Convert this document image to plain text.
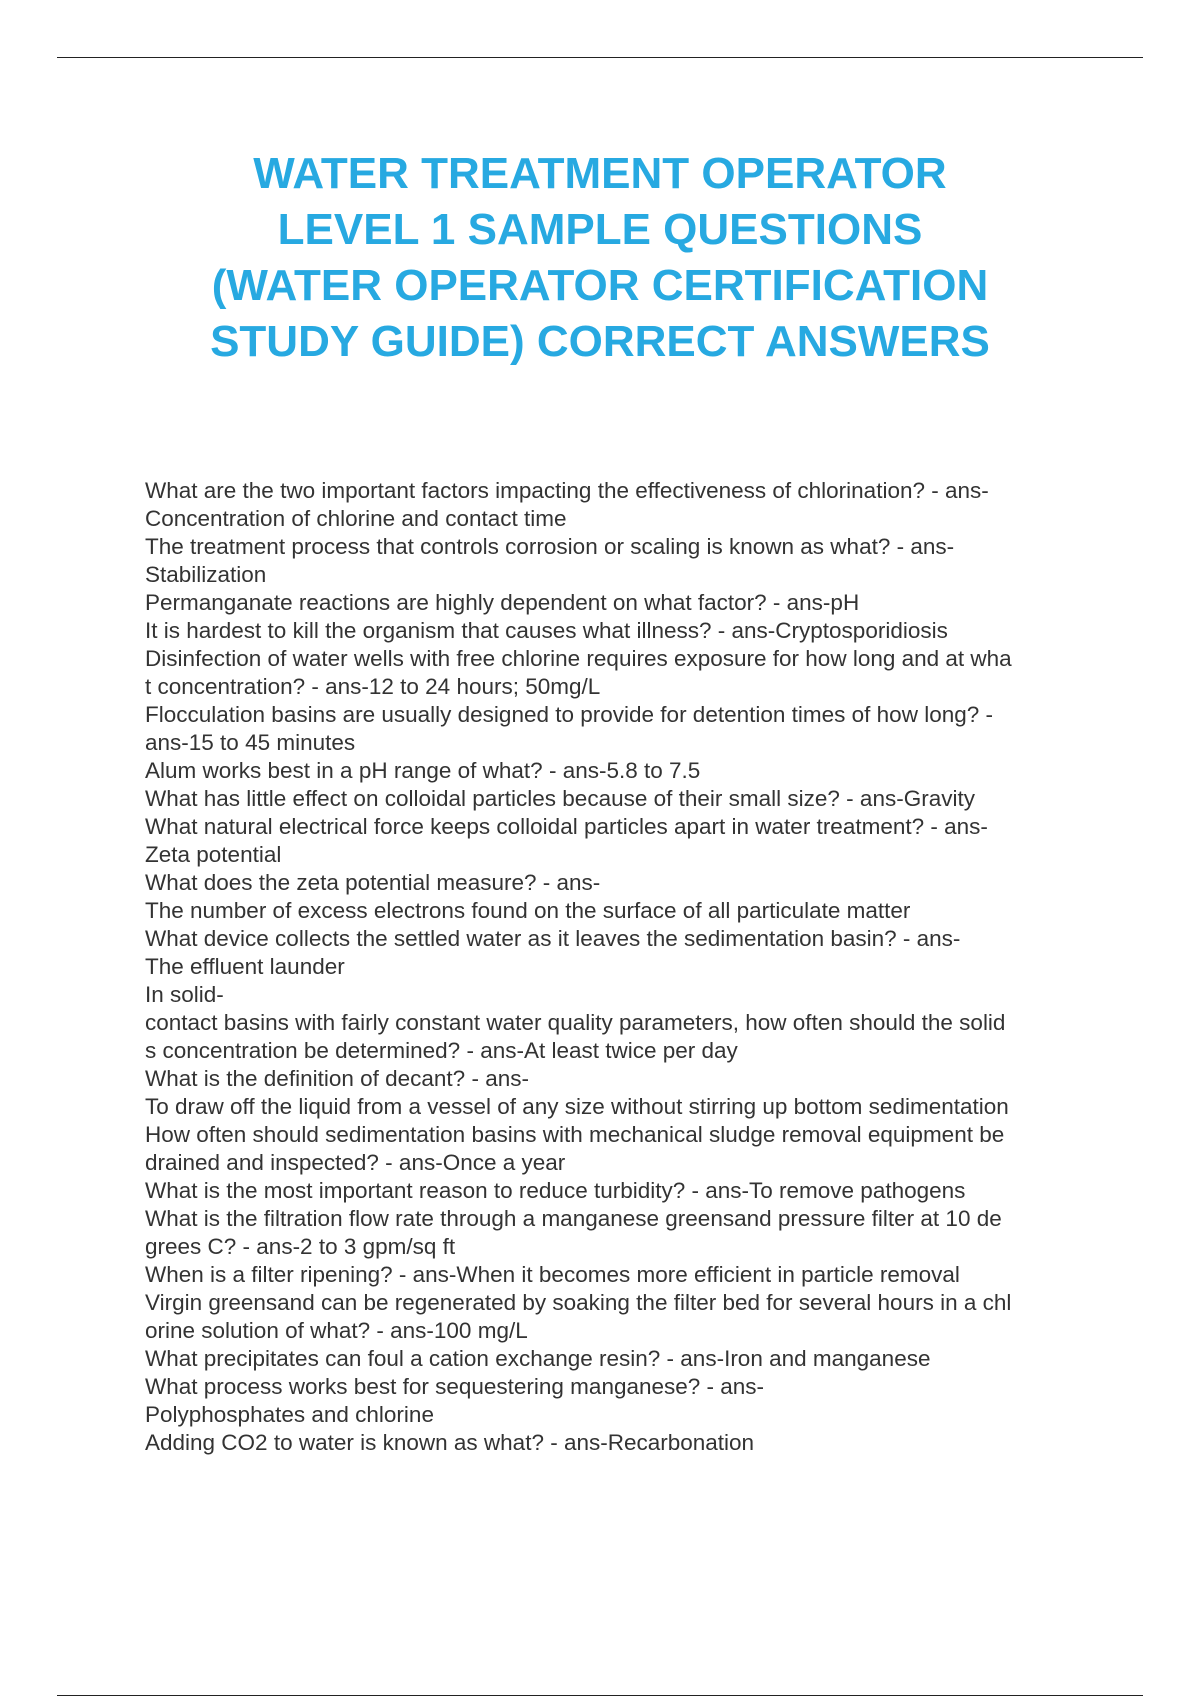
WATER TREATMENT OPERATOR
LEVEL 1 SAMPLE QUESTIONS
(WATER OPERATOR CERTIFICATION
STUDY GUIDE) CORRECT ANSWERS
What are the two important factors impacting the effectiveness of chlorination? - ans-
Concentration of chlorine and contact time
The treatment process that controls corrosion or scaling is known as what? - ans-
Stabilization
Permanganate reactions are highly dependent on what factor? - ans-pH
It is hardest to kill the organism that causes what illness? - ans-Cryptosporidiosis
Disinfection of water wells with free chlorine requires exposure for how long and at wha
t concentration? - ans-12 to 24 hours; 50mg/L
Flocculation basins are usually designed to provide for detention times of how long? -
ans-15 to 45 minutes
Alum works best in a pH range of what? - ans-5.8 to 7.5
What has little effect on colloidal particles because of their small size? - ans-Gravity
What natural electrical force keeps colloidal particles apart in water treatment? - ans-
Zeta potential
What does the zeta potential measure? - ans-
The number of excess electrons found on the surface of all particulate matter
What device collects the settled water as it leaves the sedimentation basin? - ans-
The effluent launder
In solid-
contact basins with fairly constant water quality parameters, how often should the solid
s concentration be determined? - ans-At least twice per day
What is the definition of decant? - ans-
To draw off the liquid from a vessel of any size without stirring up bottom sedimentation
How often should sedimentation basins with mechanical sludge removal equipment be
drained and inspected? - ans-Once a year
What is the most important reason to reduce turbidity? - ans-To remove pathogens
What is the filtration flow rate through a manganese greensand pressure filter at 10 de
grees C? - ans-2 to 3 gpm/sq ft
When is a filter ripening? - ans-When it becomes more efficient in particle removal
Virgin greensand can be regenerated by soaking the filter bed for several hours in a chl
orine solution of what? - ans-100 mg/L
What precipitates can foul a cation exchange resin? - ans-Iron and manganese
What process works best for sequestering manganese? - ans-
Polyphosphates and chlorine
Adding CO2 to water is known as what? - ans-Recarbonation
